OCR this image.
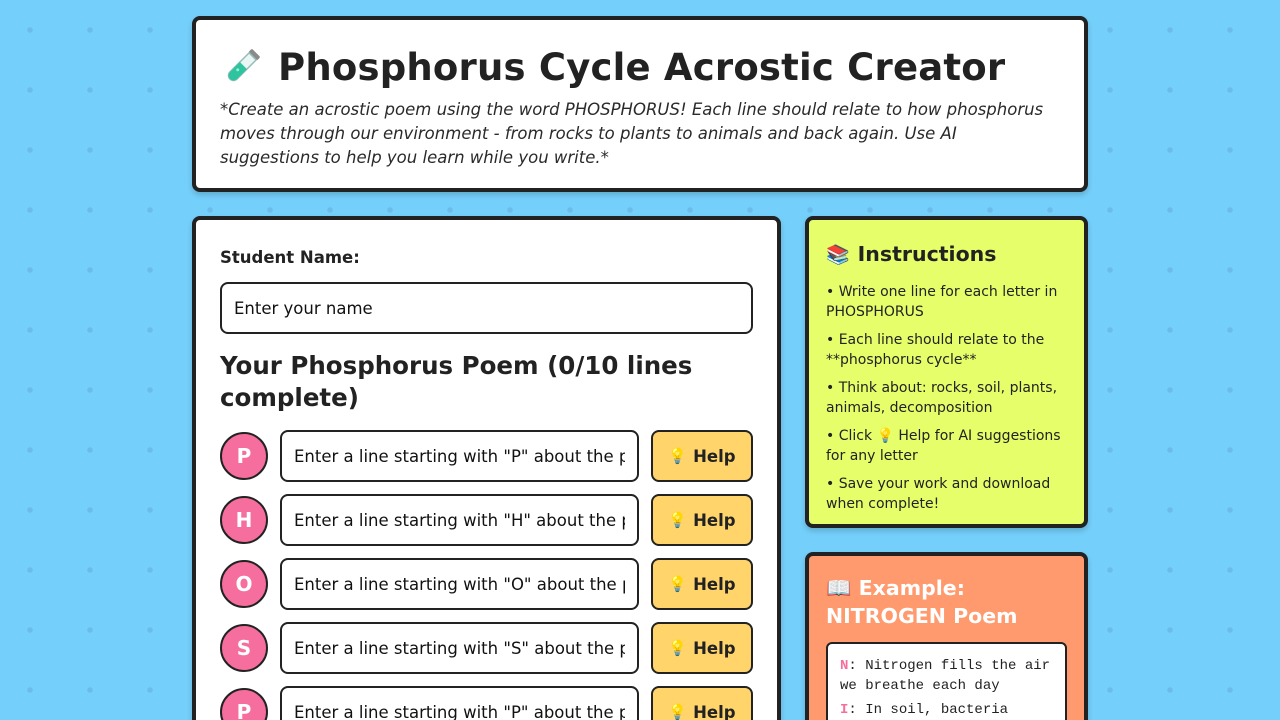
Phosphorus Cycle Acrostic Creator
*Create an acrostic poem using the word PHOSPHORUS! Each line should relate to how phosphorus moves through our environment - from rocks to plants to animals and back again. Use AI suggestions to help you learn while you write.*
Student Name:
Enter your name
Your Phosphorus Poem (0/10 lines complete)
P
Enter a line starting with "P" about the phosphorus cycle	💡 Help
H
Enter a line starting with "H" about the phosphorus cycle	💡 Help
O
Enter a line starting with "O" about the phosphorus cycle	💡 Help
S
Enter a line starting with "S" about the phosphorus cycle	💡 Help
P
Enter a line starting with "P" about the phosphorus cycle	💡 Help
📚 Instructions
• Write one line for each letter in PHOSPHORUS
• Each line should relate to the **phosphorus cycle**
• Think about: rocks, soil, plants, animals, decomposition
• Click 💡 Help for AI suggestions for any letter
• Save your work and download when complete!
📖 Example: NITROGEN Poem
N: Nitrogen fills the air we breathe each day
I: In soil, bacteria
